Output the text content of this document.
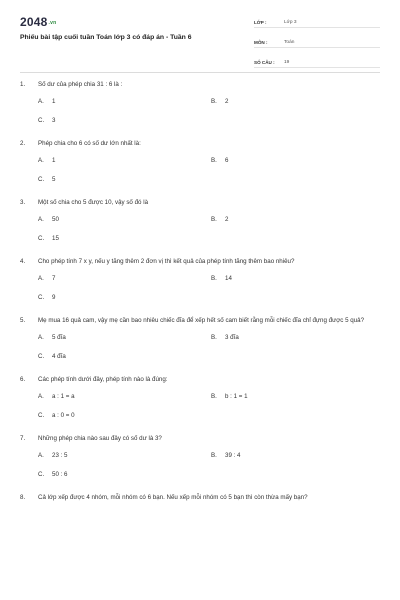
2048.vn
Phiếu bài tập cuối tuần Toán lớp 3 có đáp án - Tuần 6
LỚP :	Lớp 3
MÔN :	Toán
SỐ CÂU :	19
1.	Số dư của phép chia 31 : 6 là :
A.	1	B.	2
C.	3
2.	Phép chia cho 6 có số dư lớn nhất là:
A.	1	B.	6
C.	5
3.	Một số chia cho 5 được 10, vậy số đó là
A.	50	B.	2
C.	15
4.	Cho phép tính 7 x y, nếu y tăng thêm 2 đơn vị thì kết quả của phép tính tăng thêm bao nhiêu?
A.	7	B.	14
C.	9
5.	Mẹ mua 16 quả cam, vậy mẹ cần bao nhiêu chiếc đĩa để xếp hết số cam biết rằng mỗi chiếc đĩa chỉ đựng được 5 quả?
A.	5 đĩa	B.	3 đĩa
C.	4 đĩa
6.	Các phép tính dưới đây, phép tính nào là đúng:
A.	a : 1 = a	B.	b : 1 = 1
C.	a : 0 = 0
7.	Những phép chia nào sau đây có số dư là 3?
A.	23 : 5	B.	39 : 4
C.	50 : 6
8.	Cả lớp xếp được 4 nhóm, mỗi nhóm có 6 bạn. Nếu xếp mỗi nhóm có 5 bạn thì còn thừa mấy bạn?
